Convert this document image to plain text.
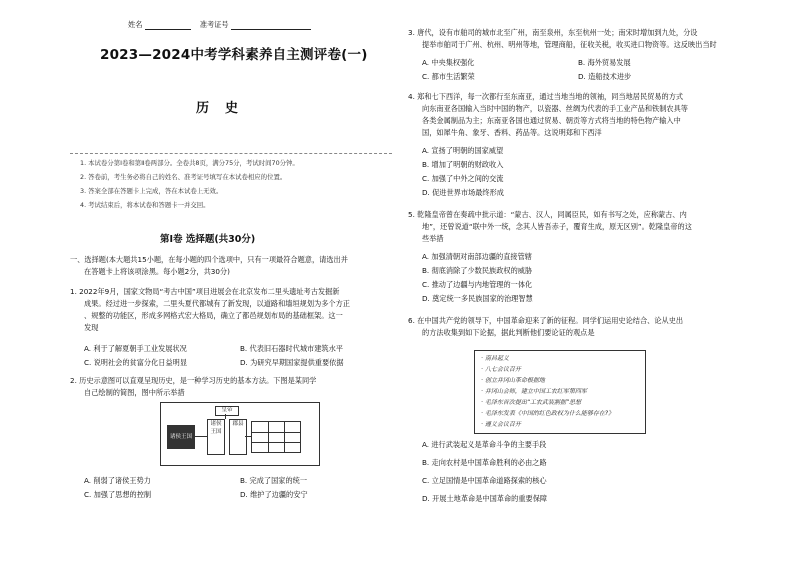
姓名	准考证号
2023—2024中考学科素养自主测评卷(一)
历史
1. 本试卷分第Ⅰ卷和第Ⅱ卷两部分。全卷共8页，满分75分，考试时间70分钟。
2. 答卷前，考生务必将自己的姓名、准考证号填写在本试卷相应的位置。
3. 答案全部在答题卡上完成，答在本试卷上无效。
4. 考试结束后，将本试卷和答题卡一并交回。
第Ⅰ卷 选择题(共30分)
一、选择题(本大题共15小题，在每小题的四个选项中，只有一项最符合题意，请选出并
在答题卡上将该项涂黑。每小题2分，共30分)
1. 2022年9月，国家文物局“考古中国”项目进展会在北京发布二里头遗址考古发掘新
成果。经过进一步探索，二里头夏代都城有了新发现，以道路和墙垣规划为多个方正
、规整的功能区，形成多网格式宏大格局，确立了都邑规划布局的基础框架。这一
发现
A. 利于了解夏朝手工业发展状况	B. 代表旧石器时代城市建筑水平
C. 说明社会的贫富分化日益明显	D. 为研究早期国家提供重要依据
2. 历史示意图可以直观呈现历史，是一种学习历史的基本方法。下图是某同学
自己绘制的简图，图中所示举措
皇帝
诸侯王国
诸侯王国
郡县
A. 削弱了诸侯王势力	B. 完成了国家的统一
C. 加强了思想的控制	D. 维护了边疆的安宁
3. 唐代，设有市舶司的城市北至广州，南至泉州，东至杭州一处；南宋时增加到九处，分设
提举市舶司于广州、杭州、明州等地，管理商船，征收关税，收买进口物资等。这反映出当时
A. 中央集权强化	B. 海外贸易发展
C. 都市生活繁荣	D. 造船技术进步
4. 郑和七下西洋，每一次都行至东南亚，通过当地当地的领袖，同当地居民贸易的方式
向东南亚各国输入当时中国的物产，以瓷器、丝绸为代表的手工业产品和铁制农具等
各类金属制品为主；东南亚各国也通过贸易、朝贡等方式将当地的特色物产输入中
国，如犀牛角、象牙、香料、药品等。这说明郑和下西洋
A. 宣扬了明朝的国家威望
B. 增加了明朝的财政收入
C. 加强了中外之间的交流
D. 促进世界市场最终形成
5. 乾隆皇帝曾在奏疏中批示道：“蒙古、汉人，同属臣民，如有书写之处，应称蒙古、内
地”，还曾说道“联中外一统，念其人皆吾赤子，覆育生成，原无区别”。乾隆皇帝的这
些举措
A. 加强清朝对南部边疆的直接管辖
B. 彻底消除了少数民族政权的威胁
C. 推动了边疆与内地管理的一体化
D. 奠定统一多民族国家的治理智慧
6. 在中国共产党的领导下，中国革命迎来了新的征程。同学们运用史论结合、论从史出
的方法收集到如下论据，据此判断他们要论证的观点是
· 南昌起义
· 八七会议召开
· 创立井冈山革命根据地
· 井冈山会师，建立中国工农红军第四军
· 毛泽东首次提出“工农武装割据”思想
· 毛泽东发表《中国的红色政权为什么能够存在?》
· 遵义会议召开
A. 进行武装起义是革命斗争的主要手段
B. 走向农村是中国革命胜利的必由之路
C. 立足国情是中国革命道路探索的核心
D. 开展土地革命是中国革命的重要保障
